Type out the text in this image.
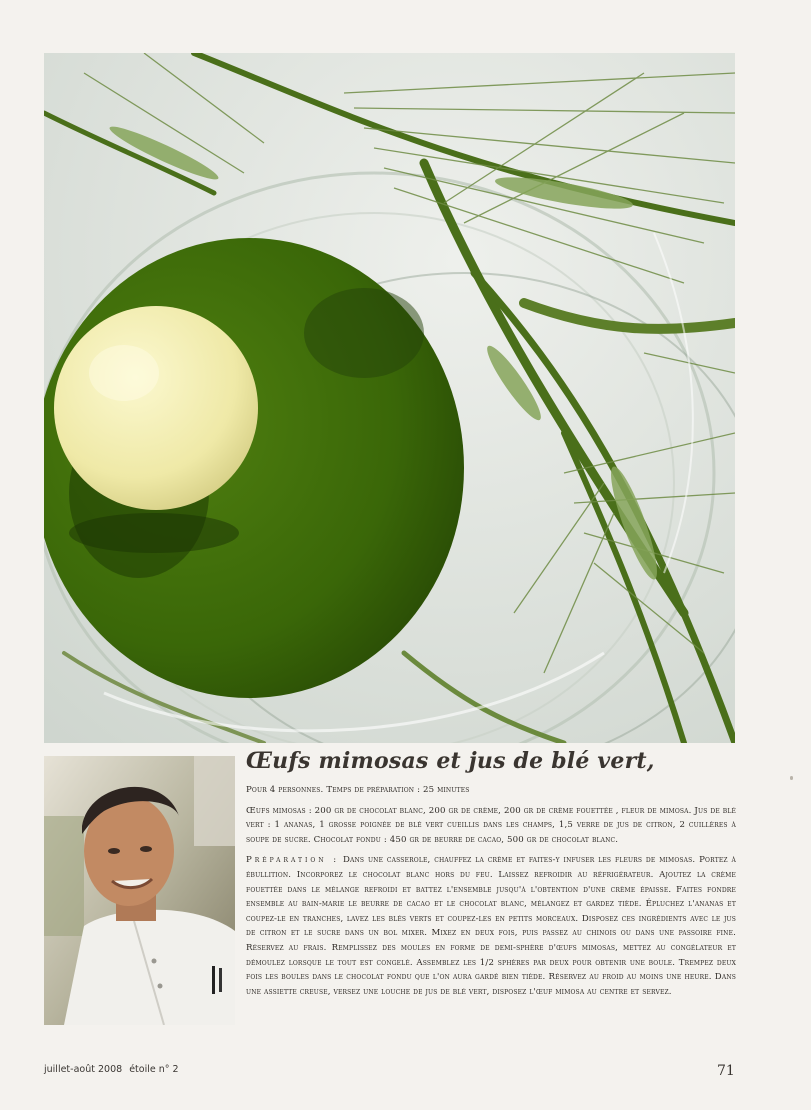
Œufs mimosas et jus de blé vert,

Pour 4 personnes. Temps de préparation : 25 minutes

Œufs mimosas : 200 gr de chocolat blanc, 200 gr de crème, 200 gr de crème fouettée , fleur de mimosa. Jus de blé vert : 1 ananas, 1 grosse poignée de blé vert cueillis dans les champs, 1,5 verre de jus de citron, 2 cuillères à soupe de sucre. Chocolat fondu : 450 gr de beurre de cacao, 500 gr de chocolat blanc.

Préparation : Dans une casserole, chauffez la crème et faites-y infuser les fleurs de mimosas. Portez à ébullition. Incorporez le chocolat blanc hors du feu. Laissez refroidir au réfrigérateur. Ajoutez la crème fouettée dans le mélange refroidi et battez l'ensemble jusqu'à l'obtention d'une crème épaisse. Faites fondre ensemble au bain-marie le beurre de cacao et le chocolat blanc, mélangez et gardez tiède. Épluchez l'ananas et coupez-le en tranches, lavez les blés verts et coupez-les en petits morceaux. Disposez ces ingrédients avec le jus de citron et le sucre dans un bol mixer. Mixez en deux fois, puis passez au chinois ou dans une passoire fine. Réservez au frais. Remplissez des moules en forme de demi-sphère d'œufs mimosas, mettez au congélateur et démoulez lorsque le tout est congelé. Assemblez les 1/2 sphères par deux pour obtenir une boule. Trempez deux fois les boules dans le chocolat fondu que l'on aura gardé bien tiède. Réservez au froid au moins une heure. Dans une assiette creuse, versez une louche de jus de blé vert, disposez l'œuf mimosa au centre et servez.

juillet-août 2008 étoile n° 2	71
